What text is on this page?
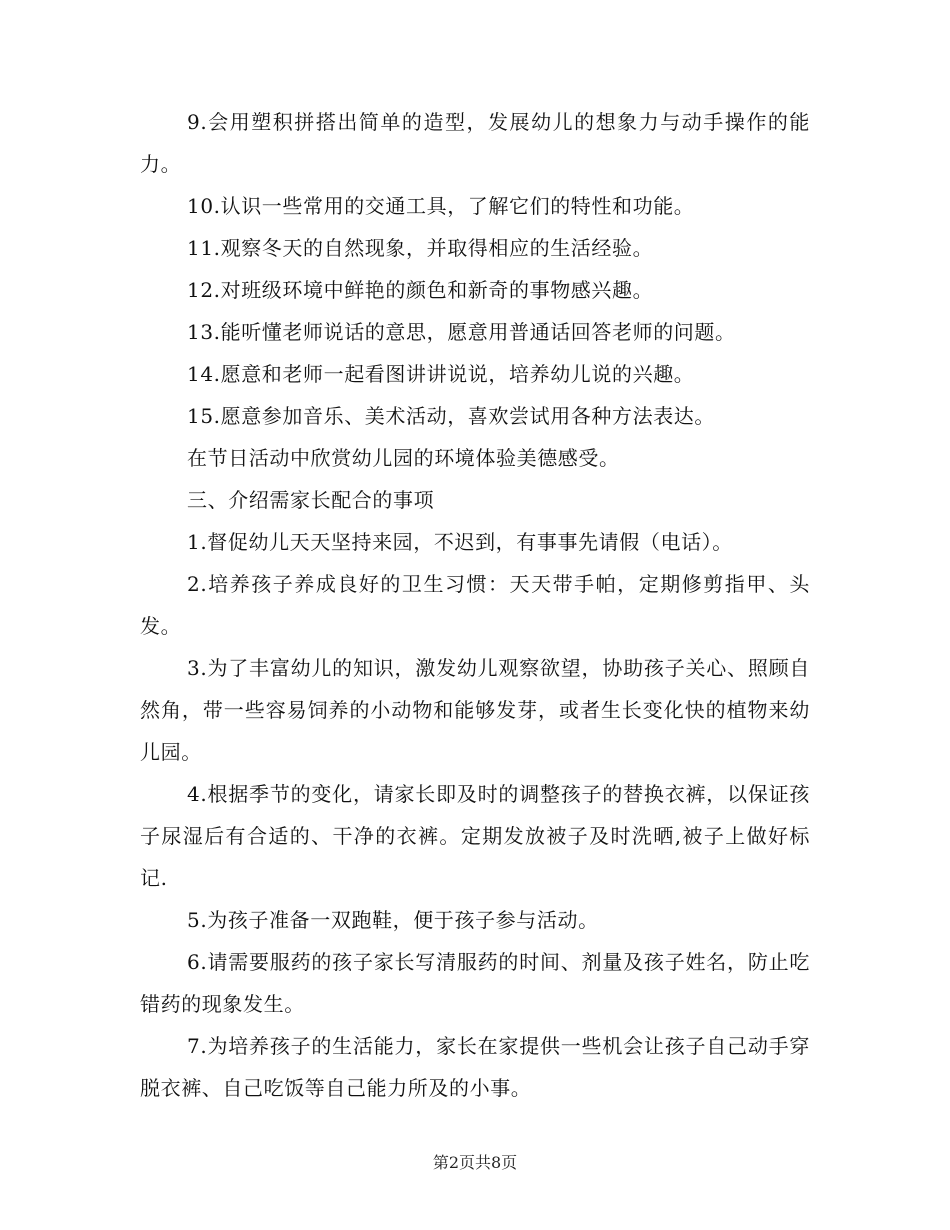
9.会用塑积拼搭出简单的造型，发展幼儿的想象力与动手操作的能力。

10.认识一些常用的交通工具，了解它们的特性和功能。

11.观察冬天的自然现象，并取得相应的生活经验。

12.对班级环境中鲜艳的颜色和新奇的事物感兴趣。

13.能听懂老师说话的意思，愿意用普通话回答老师的问题。

14.愿意和老师一起看图讲讲说说，培养幼儿说的兴趣。

15.愿意参加音乐、美术活动，喜欢尝试用各种方法表达。

在节日活动中欣赏幼儿园的环境体验美德感受。

三、介绍需家长配合的事项

1.督促幼儿天天坚持来园，不迟到，有事事先请假（电话）。

2.培养孩子养成良好的卫生习惯：天天带手帕，定期修剪指甲、头发。

3.为了丰富幼儿的知识，激发幼儿观察欲望，协助孩子关心、照顾自然角，带一些容易饲养的小动物和能够发芽，或者生长变化快的植物来幼儿园。

4.根据季节的变化，请家长即及时的调整孩子的替换衣裤，以保证孩子尿湿后有合适的、干净的衣裤。定期发放被子及时洗晒,被子上做好标记.

5.为孩子准备一双跑鞋，便于孩子参与活动。

6.请需要服药的孩子家长写清服药的时间、剂量及孩子姓名，防止吃错药的现象发生。

7.为培养孩子的生活能力，家长在家提供一些机会让孩子自己动手穿脱衣裤、自己吃饭等自己能力所及的小事。

第2页共8页
